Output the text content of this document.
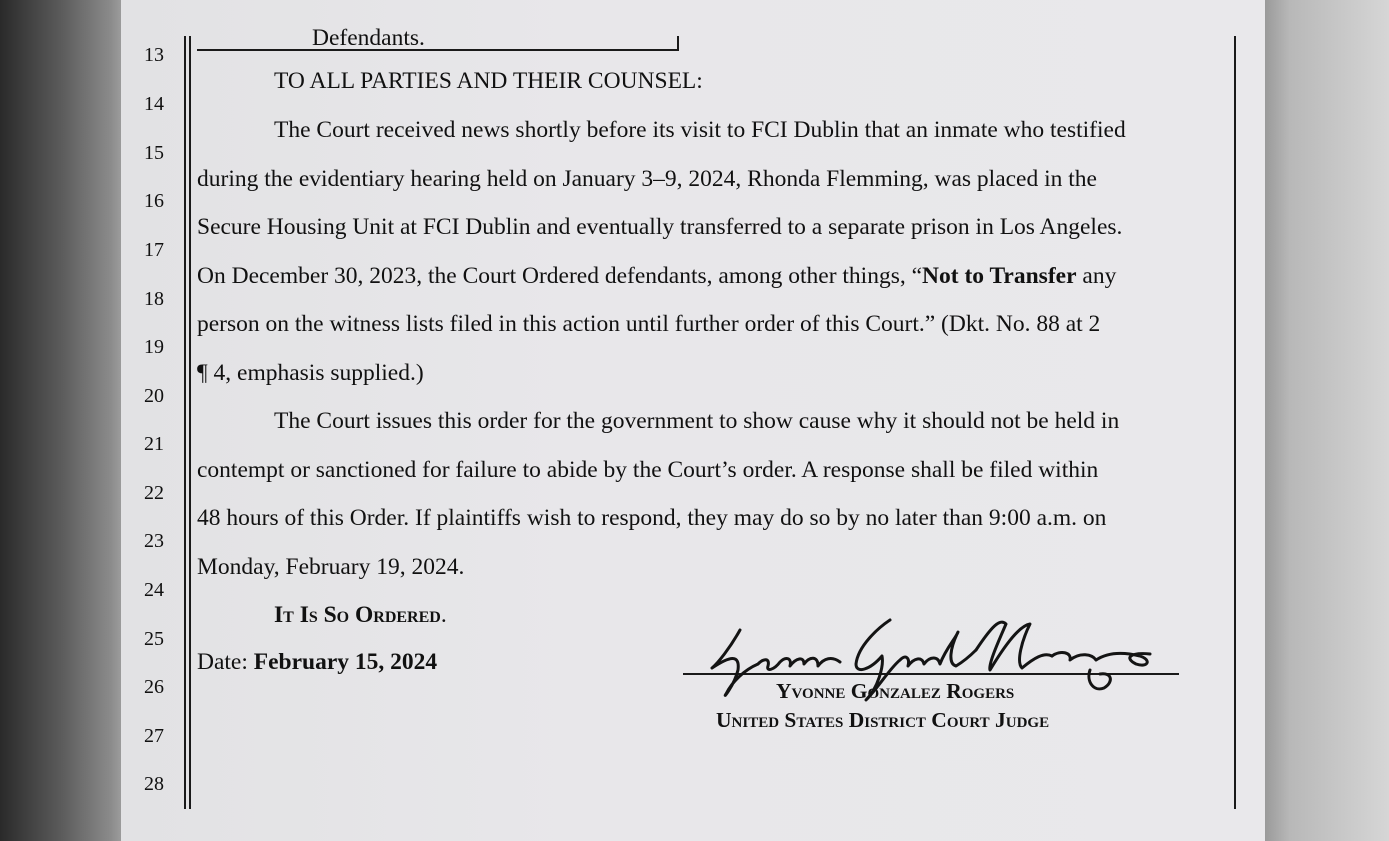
13
14
15
16
17
18
19
20
21
22
23
24
25
26
27
28
Defendants.
TO ALL PARTIES AND THEIR COUNSEL:
The Court received news shortly before its visit to FCI Dublin that an inmate who testified
during the evidentiary hearing held on January 3–9, 2024, Rhonda Flemming, was placed in the
Secure Housing Unit at FCI Dublin and eventually transferred to a separate prison in Los Angeles.
On December 30, 2023, the Court Ordered defendants, among other things, “Not to Transfer any
person on the witness lists filed in this action until further order of this Court.” (Dkt. No. 88 at 2
¶ 4, emphasis supplied.)
The Court issues this order for the government to show cause why it should not be held in
contempt or sanctioned for failure to abide by the Court’s order. A response shall be filed within
48 hours of this Order. If plaintiffs wish to respond, they may do so by no later than 9:00 a.m. on
Monday, February 19, 2024.
It Is So Ordered.
Date: February 15, 2024
Yvonne Gonzalez Rogers
United States District Court Judge
